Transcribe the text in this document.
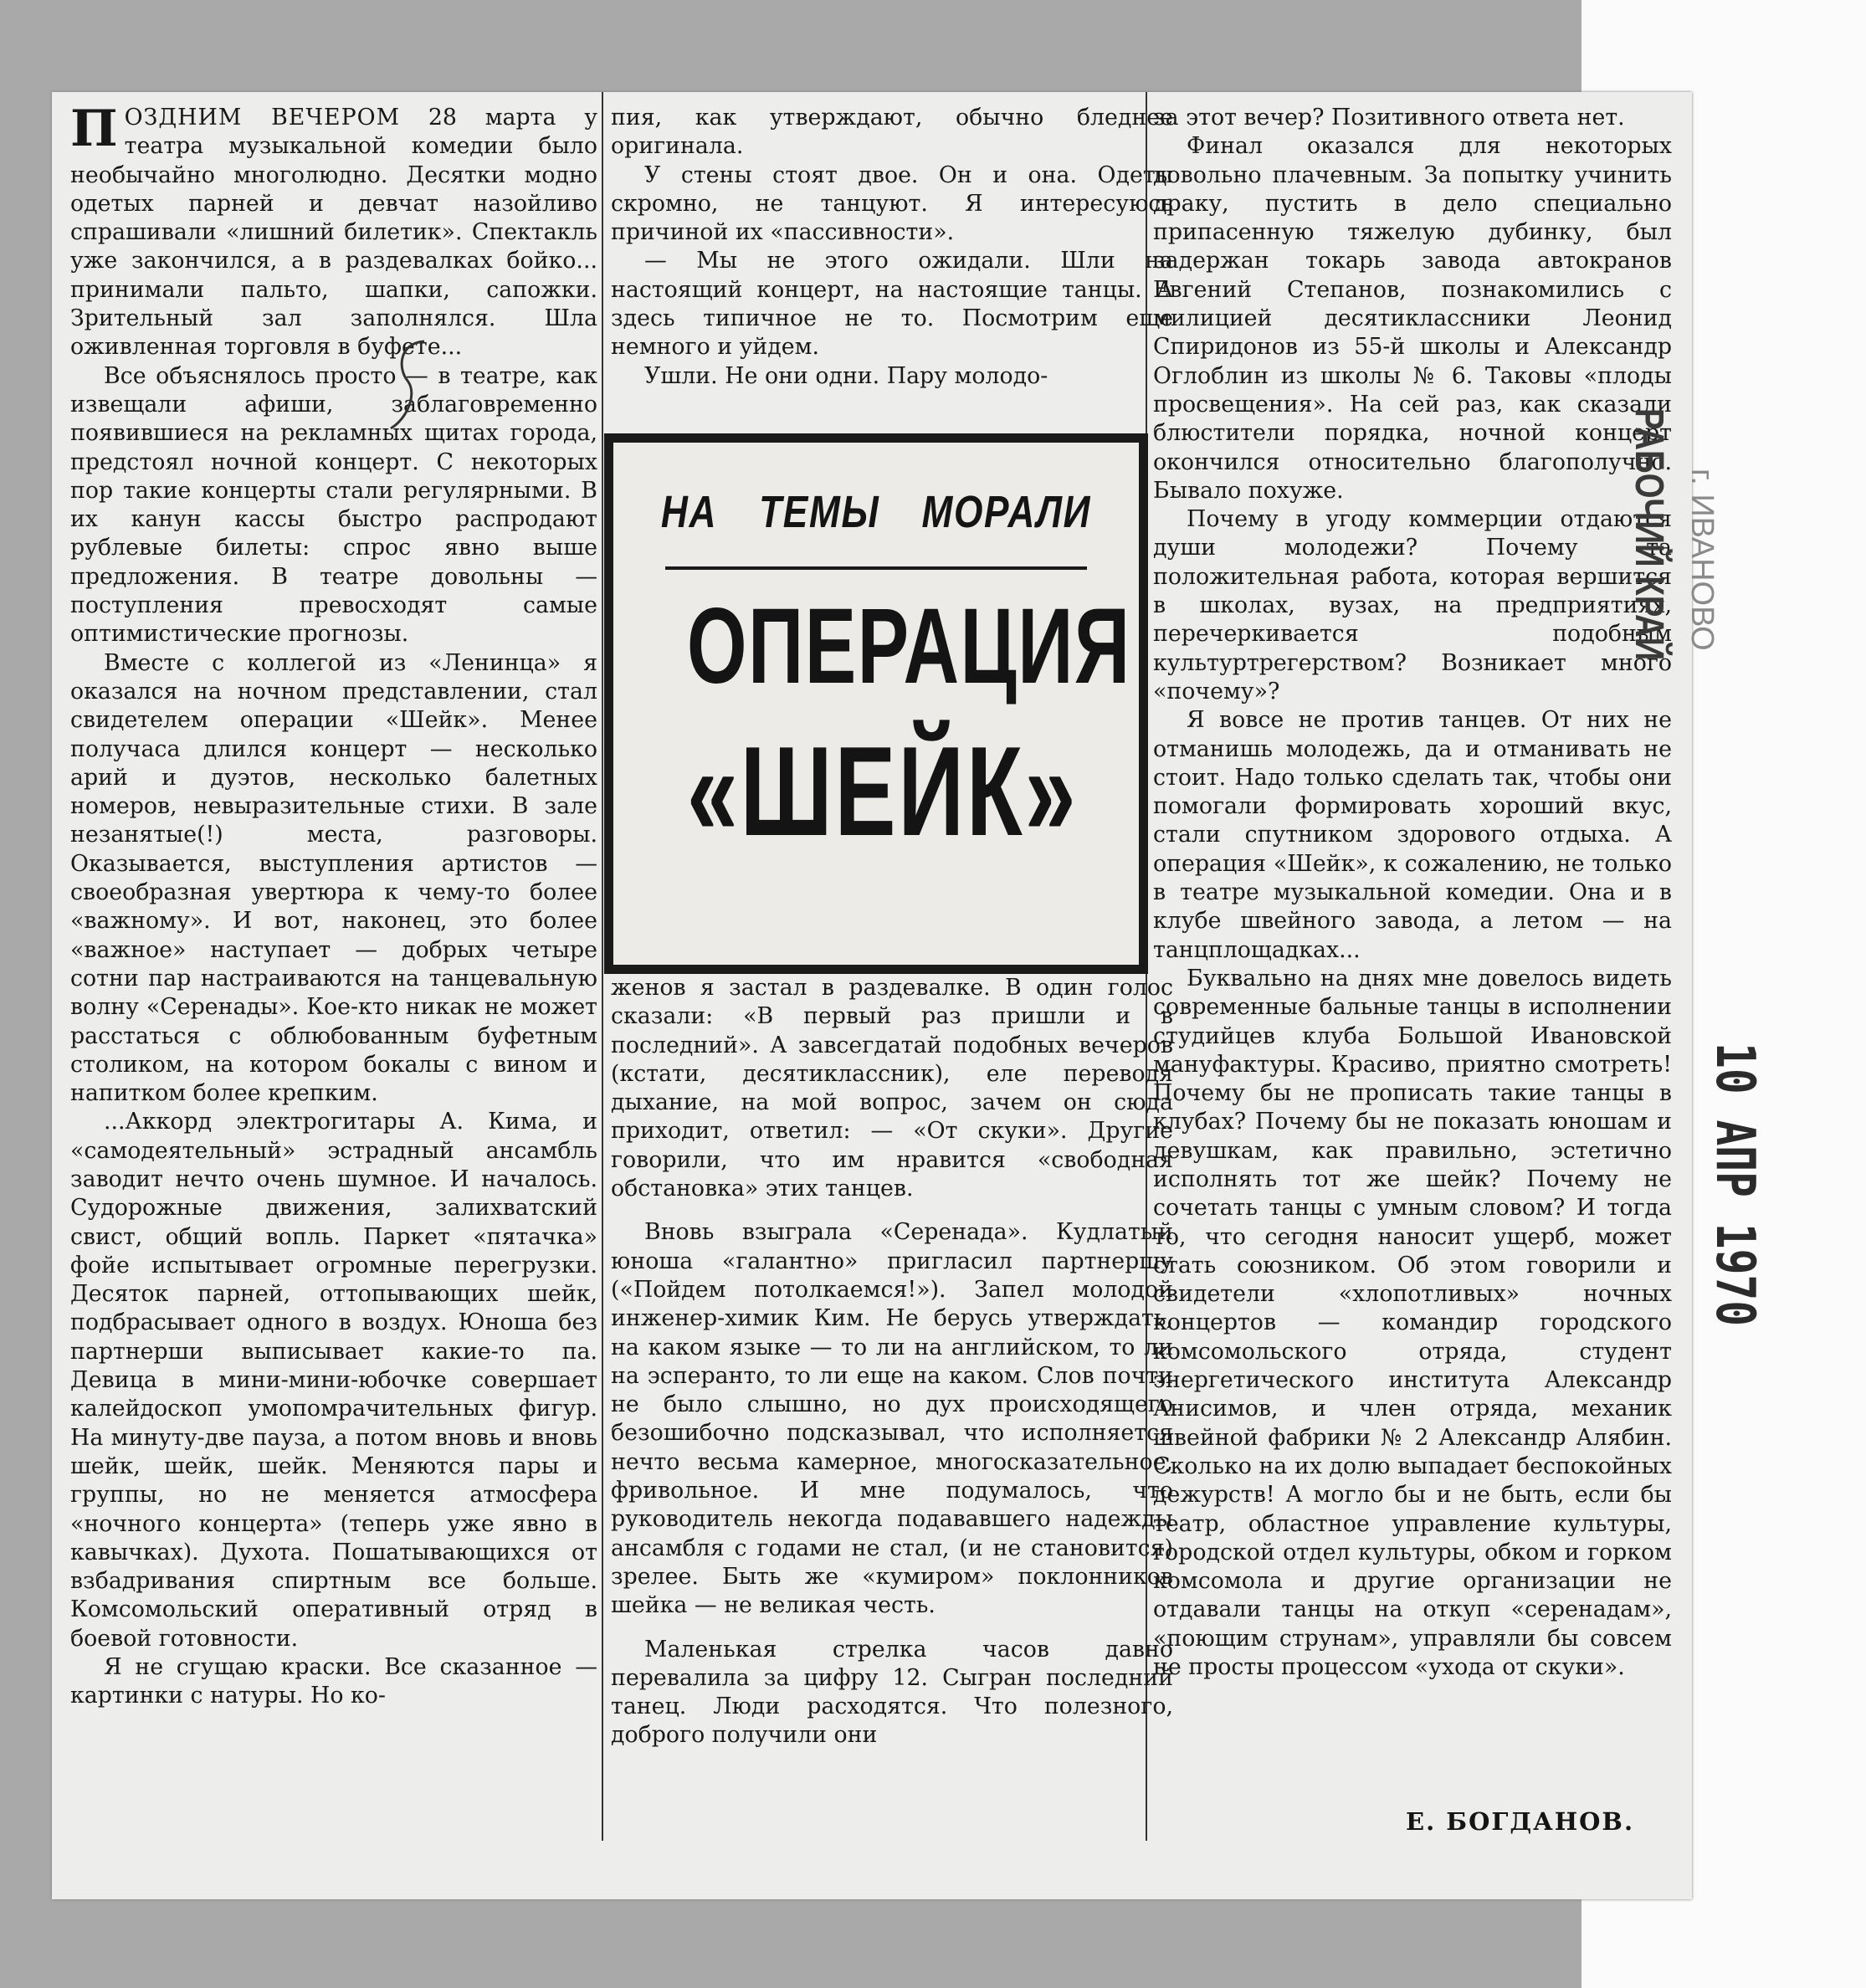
ПОЗДНИМ ВЕЧЕРОМ 28 марта у театра музыкальной комедии было необычайно многолюдно. Десятки модно одетых парней и девчат назойливо спрашивали «лишний билетик». Спектакль уже закончился, а в раздевалках бойко... принимали пальто, шапки, сапожки. Зрительный зал заполнялся. Шла оживленная торговля в буфете...

Все объяснялось просто — в театре, как извещали афиши, заблаговременно появившиеся на рекламных щитах города, предстоял ночной концерт. С некоторых пор такие концерты стали регулярными. В их канун кассы быстро распродают рублевые билеты: спрос явно выше предложения. В театре довольны — поступления превосходят самые оптимистические прогнозы.

Вместе с коллегой из «Ленинца» я оказался на ночном представлении, стал свидетелем операции «Шейк». Менее получаса длился концерт — несколько арий и дуэтов, несколько балетных номеров, невыразительные стихи. В зале незанятые(!) места, разговоры. Оказывается, выступления артистов — своеобразная увертюра к чему-то более «важному». И вот, наконец, это более «важное» наступает — добрых четыре сотни пар настраиваются на танцевальную волну «Серенады». Кое-кто никак не может расстаться с облюбованным буфетным столиком, на котором бокалы с вином и напитком более крепким.

...Аккорд электрогитары А. Кима, и «самодеятельный» эстрадный ансамбль заводит нечто очень шумное. И началось. Судорожные движения, залихватский свист, общий вопль. Паркет «пятачка» фойе испытывает огромные перегрузки. Десяток парней, оттопывающих шейк, подбрасывает одного в воздух. Юноша без партнерши выписывает какие-то па. Девица в мини-мини-юбочке совершает калейдоскоп умопомрачительных фигур. На минуту-две пауза, а потом вновь и вновь шейк, шейк, шейк. Меняются пары и группы, но не меняется атмосфера «ночного концерта» (теперь уже явно в кавычках). Духота. Пошатывающихся от взбадривания спиртным все больше. Комсомольский оперативный отряд в боевой готовности.

Я не сгущаю краски. Все сказанное — картинки с натуры. Но ко-

пия, как утверждают, обычно бледнее оригинала.

У стены стоят двое. Он и она. Одеты скромно, не танцуют. Я интересуюсь причиной их «пассивности».

— Мы не этого ожидали. Шли на настоящий концерт, на настоящие танцы. А здесь типичное не то. Посмотрим еще немного и уйдем.

Ушли. Не они одни. Пару молодо-

НА ТЕМЫ МОРАЛИ
ОПЕРАЦИЯ
«ШЕЙК»

женов я застал в раздевалке. В один голос сказали: «В первый раз пришли и в последний». А завсегдатай подобных вечеров (кстати, десятиклассник), еле переводя дыхание, на мой вопрос, зачем он сюда приходит, ответил: — «От скуки». Другие говорили, что им нравится «свободная обстановка» этих танцев.

Вновь взыграла «Серенада». Кудлатый юноша «галантно» пригласил партнершу («Пойдем потолкаемся!»). Запел молодой инженер-химик Ким. Не берусь утверждать, на каком языке — то ли на английском, то ли на эсперанто, то ли еще на каком. Слов почти не было слышно, но дух происходящего безошибочно подсказывал, что исполняется нечто весьма камерное, многосказательное, фривольное. И мне подумалось, что руководитель некогда подававшего надежды ансамбля с годами не стал, (и не становится) зрелее. Быть же «кумиром» поклонников шейка — не великая честь.

Маленькая стрелка часов давно перевалила за цифру 12. Сыгран последний танец. Люди расходятся. Что полезного, доброго получили они

за этот вечер? Позитивного ответа нет.

Финал оказался для некоторых довольно плачевным. За попытку учинить драку, пустить в дело специально припасенную тяжелую дубинку, был задержан токарь завода автокранов Евгений Степанов, познакомились с милицией десятиклассники Леонид Спиридонов из 55-й школы и Александр Оглоблин из школы № 6. Таковы «плоды просвещения». На сей раз, как сказали блюстители порядка, ночной концерт окончился относительно благополучно. Бывало похуже.

Почему в угоду коммерции отдаются души молодежи? Почему та положительная работа, которая вершится в школах, вузах, на предприятиях, перечеркивается подобным культуртрегерством? Возникает много «почему»?

Я вовсе не против танцев. От них не отманишь молодежь, да и отманивать не стоит. Надо только сделать так, чтобы они помогали формировать хороший вкус, стали спутником здорового отдыха. А операция «Шейк», к сожалению, не только в театре музыкальной комедии. Она и в клубе швейного завода, а летом — на танцплощадках...

Буквально на днях мне довелось видеть современные бальные танцы в исполнении студийцев клуба Большой Ивановской мануфактуры. Красиво, приятно смотреть! Почему бы не прописать такие танцы в клубах? Почему бы не показать юношам и девушкам, как правильно, эстетично исполнять тот же шейк? Почему не сочетать танцы с умным словом? И тогда то, что сегодня наносит ущерб, может стать союзником. Об этом говорили и свидетели «хлопотливых» ночных концертов — командир городского комсомольского отряда, студент энергетического института Александр Анисимов, и член отряда, механик швейной фабрики № 2 Александр Алябин. Сколько на их долю выпадает беспокойных дежурств! А могло бы и не быть, если бы театр, областное управление культуры, городской отдел культуры, обком и горком комсомола и другие организации не отдавали танцы на откуп «серенадам», «поющим струнам», управляли бы совсем не просты процессом «ухода от скуки».

Е. БОГДАНОВ.
РАБОЧИЙ КРАЙ г. ИВАНОВО
10 АПР 1970
